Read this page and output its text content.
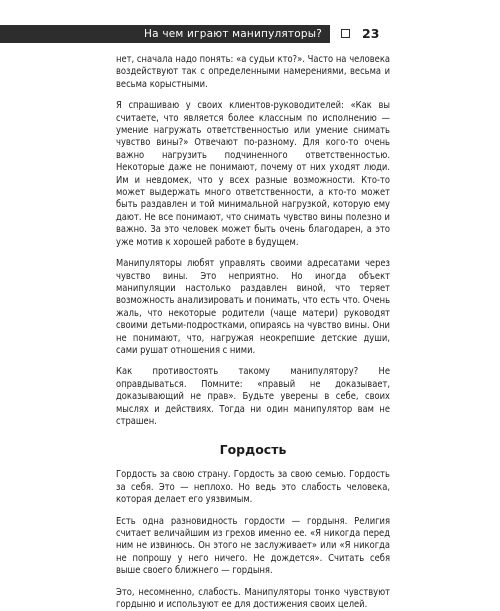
На чем играют манипуляторы?	23

нет, сначала надо понять: «а судьи кто?». Часто на человека воздействуют так с определенными намерениями, весьма и весьма корыстными.

Я спрашиваю у своих клиентов-руководителей: «Как вы считаете, что является более классным по исполнению — умение нагружать ответственностью или умение снимать чувство вины?» Отвечают по-разному. Для кого-то очень важно нагрузить подчиненного ответственностью. Некоторые даже не понимают, почему от них уходят люди. Им и невдомек, что у всех разные возможности. Кто-то может выдержать много ответственности, а кто-то может быть раздавлен и той минимальной нагрузкой, которую ему дают. Не все понимают, что снимать чувство вины полезно и важно. За это человек может быть очень благодарен, а это уже мотив к хорошей работе в будущем.

Манипуляторы любят управлять своими адресатами через чувство вины. Это неприятно. Но иногда объект манипуляции настолько раздавлен виной, что теряет возможность анализировать и понимать, что есть что. Очень жаль, что некоторые родители (чаще матери) руководят своими детьми-подростками, опираясь на чувство вины. Они не понимают, что, нагружая неокрепшие детские души, сами рушат отношения с ними.

Как противостоять такому манипулятору? Не оправдываться. Помните: «правый не доказывает, доказывающий не прав». Будьте уверены в себе, своих мыслях и действиях. Тогда ни один манипулятор вам не страшен.

Гордость

Гордость за свою страну. Гордость за свою семью. Гордость за себя. Это — неплохо. Но ведь это слабость человека, которая делает его уязвимым.

Есть одна разновидность гордости — гордыня. Религия считает величайшим из грехов именно ее. «Я никогда перед ним не извинюсь. Он этого не заслуживает» или «Я никогда не попрошу у него ничего. Не дождется». Считать себя выше своего ближнего — гордыня.

Это, несомненно, слабость. Манипуляторы тонко чувствуют гордыню и используют ее для достижения своих целей.
